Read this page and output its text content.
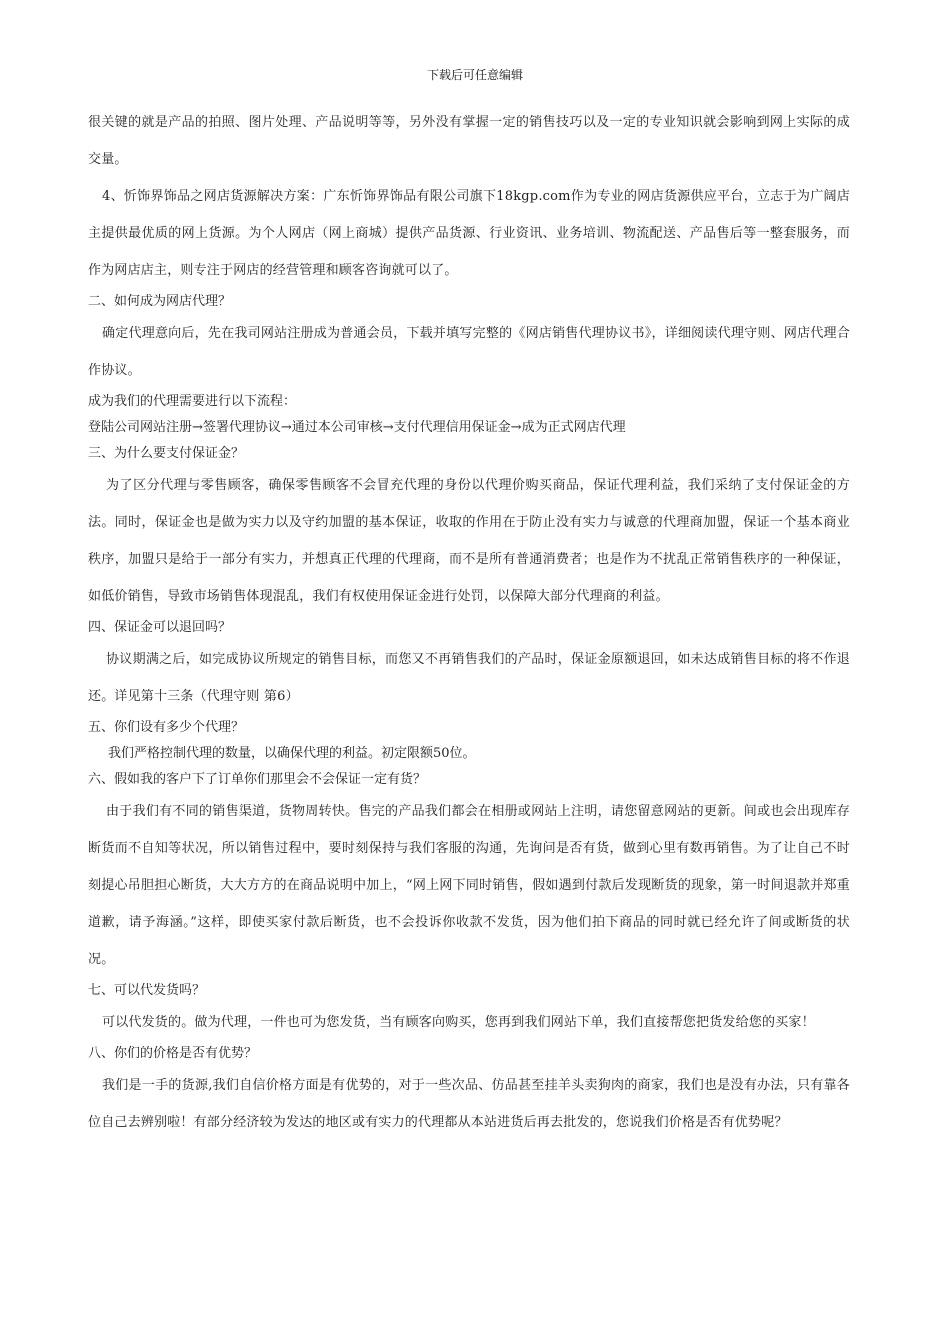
下载后可任意编辑

很关键的就是产品的拍照、图片处理、产品说明等等，另外没有掌握一定的销售技巧以及一定的专业知识就会影响到网上实际的成交量。

4、忻饰界饰品之网店货源解决方案：广东忻饰界饰品有限公司旗下18kgp.com作为专业的网店货源供应平台，立志于为广阔店主提供最优质的网上货源。为个人网店（网上商城）提供产品货源、行业资讯、业务培训、物流配送、产品售后等一整套服务，而作为网店店主，则专注于网店的经营管理和顾客咨询就可以了。

二、如何成为网店代理？

确定代理意向后，先在我司网站注册成为普通会员，下载并填写完整的《网店销售代理协议书》，详细阅读代理守则、网店代理合作协议。

成为我们的代理需要进行以下流程：

登陆公司网站注册→签署代理协议→通过本公司审核→支付代理信用保证金→成为正式网店代理

三、为什么要支付保证金？

为了区分代理与零售顾客，确保零售顾客不会冒充代理的身份以代理价购买商品，保证代理利益，我们采纳了支付保证金的方法。同时，保证金也是做为实力以及守约加盟的基本保证，收取的作用在于防止没有实力与诚意的代理商加盟，保证一个基本商业秩序，加盟只是给于一部分有实力，并想真正代理的代理商，而不是所有普通消费者；也是作为不扰乱正常销售秩序的一种保证，如低价销售，导致市场销售体现混乱，我们有权使用保证金进行处罚，以保障大部分代理商的利益。

四、保证金可以退回吗？

协议期满之后，如完成协议所规定的销售目标，而您又不再销售我们的产品时，保证金原额退回，如未达成销售目标的将不作退还。详见第十三条（代理守则 第6）

五、你们设有多少个代理？

我们严格控制代理的数量，以确保代理的利益。初定限额50位。

六、假如我的客户下了订单你们那里会不会保证一定有货？

由于我们有不同的销售渠道，货物周转快。售完的产品我们都会在相册或网站上注明，请您留意网站的更新。间或也会出现库存断货而不自知等状况，所以销售过程中，要时刻保持与我们客服的沟通，先询问是否有货，做到心里有数再销售。为了让自己不时刻提心吊胆担心断货，大大方方的在商品说明中加上，“网上网下同时销售，假如遇到付款后发现断货的现象，第一时间退款并郑重道歉，请予海涵。”这样，即使买家付款后断货，也不会投诉你收款不发货，因为他们拍下商品的同时就已经允许了间或断货的状况。

七、可以代发货吗？

可以代发货的。做为代理，一件也可为您发货，当有顾客向购买，您再到我们网站下单，我们直接帮您把货发给您的买家！

八、你们的价格是否有优势？

我们是一手的货源,我们自信价格方面是有优势的，对于一些次品、仿品甚至挂羊头卖狗肉的商家，我们也是没有办法，只有靠各位自己去辨别啦！有部分经济较为发达的地区或有实力的代理都从本站进货后再去批发的，您说我们价格是否有优势呢？
